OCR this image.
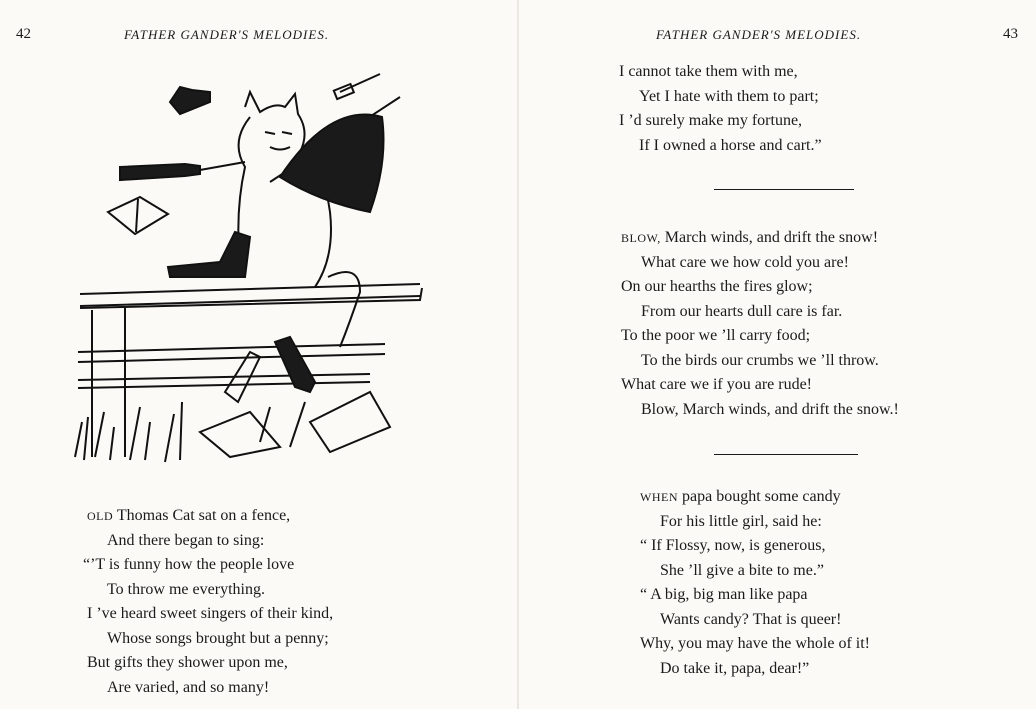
42	FATHER GANDER'S MELODIES.
OLD Thomas Cat sat on a fence,
And there began to sing:
“’T is funny how the people love
To throw me everything.
I ’ve heard sweet singers of their kind,
Whose songs brought but a penny;
But gifts they shower upon me,
Are varied, and so many!
FATHER GANDER'S MELODIES.	43
I cannot take them with me,
Yet I hate with them to part;
I ’d surely make my fortune,
If I owned a horse and cart.”
BLOW, March winds, and drift the snow!
What care we how cold you are!
On our hearths the fires glow;
From our hearts dull care is far.
To the poor we ’ll carry food;
To the birds our crumbs we ’ll throw.
What care we if you are rude!
Blow, March winds, and drift the snow.!
WHEN papa bought some candy
For his little girl, said he:
“ If Flossy, now, is generous,
She ’ll give a bite to me.”
“ A big, big man like papa
Wants candy? That is queer!
Why, you may have the whole of it!
Do take it, papa, dear!”
